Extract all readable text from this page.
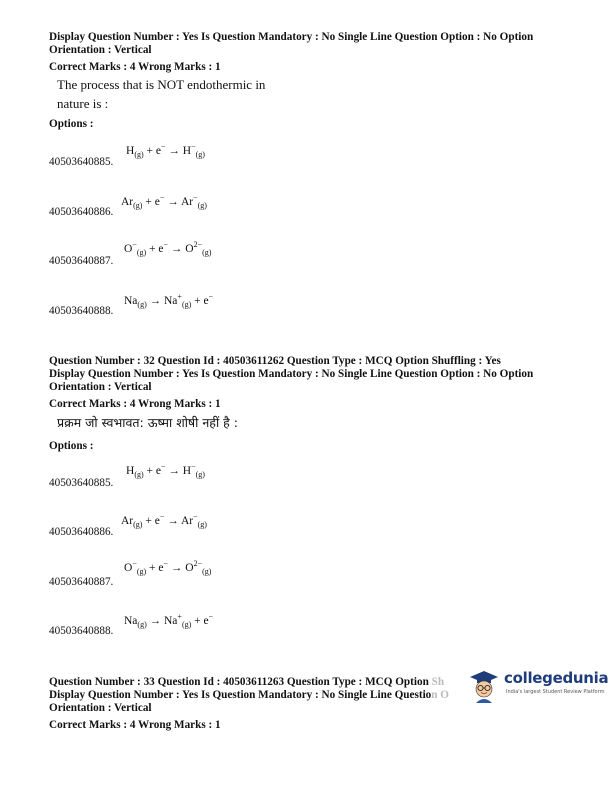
Display Question Number : Yes Is Question Mandatory : No Single Line Question Option : No Option
Orientation : Vertical
Correct Marks : 4 Wrong Marks : 1
The process that is NOT endothermic in
nature is :
Options :
$H_{(g)} + e^- \to H^-_{(g)}$
40503640885.
$Ar_{(g)} + e^- \to Ar^-_{(g)}$
40503640886.
$O^-_{(g)} + e^- \to O^{2-}_{(g)}$
40503640887.
$Na_{(g)} \to Na^+_{(g)} + e^-$
40503640888.
Question Number : 32 Question Id : 40503611262 Question Type : MCQ Option Shuffling : Yes
Display Question Number : Yes Is Question Mandatory : No Single Line Question Option : No Option
Orientation : Vertical
Correct Marks : 4 Wrong Marks : 1
प्रक्रम जो स्वभावत: ऊष्मा शोषी नहीं है :
Options :
$H_{(g)} + e^- \to H^-_{(g)}$
40503640885.
$Ar_{(g)} + e^- \to Ar^-_{(g)}$
40503640886.
$O^-_{(g)} + e^- \to O^{2-}_{(g)}$
40503640887.
$Na_{(g)} \to Na^+_{(g)} + e^-$
40503640888.
Question Number : 33 Question Id : 40503611263 Question Type : MCQ Option Sh
Display Question Number : Yes Is Question Mandatory : No Single Line Question O
Orientation : Vertical
Correct Marks : 4 Wrong Marks : 1
collegedunia
India's largest Student Review Platform
